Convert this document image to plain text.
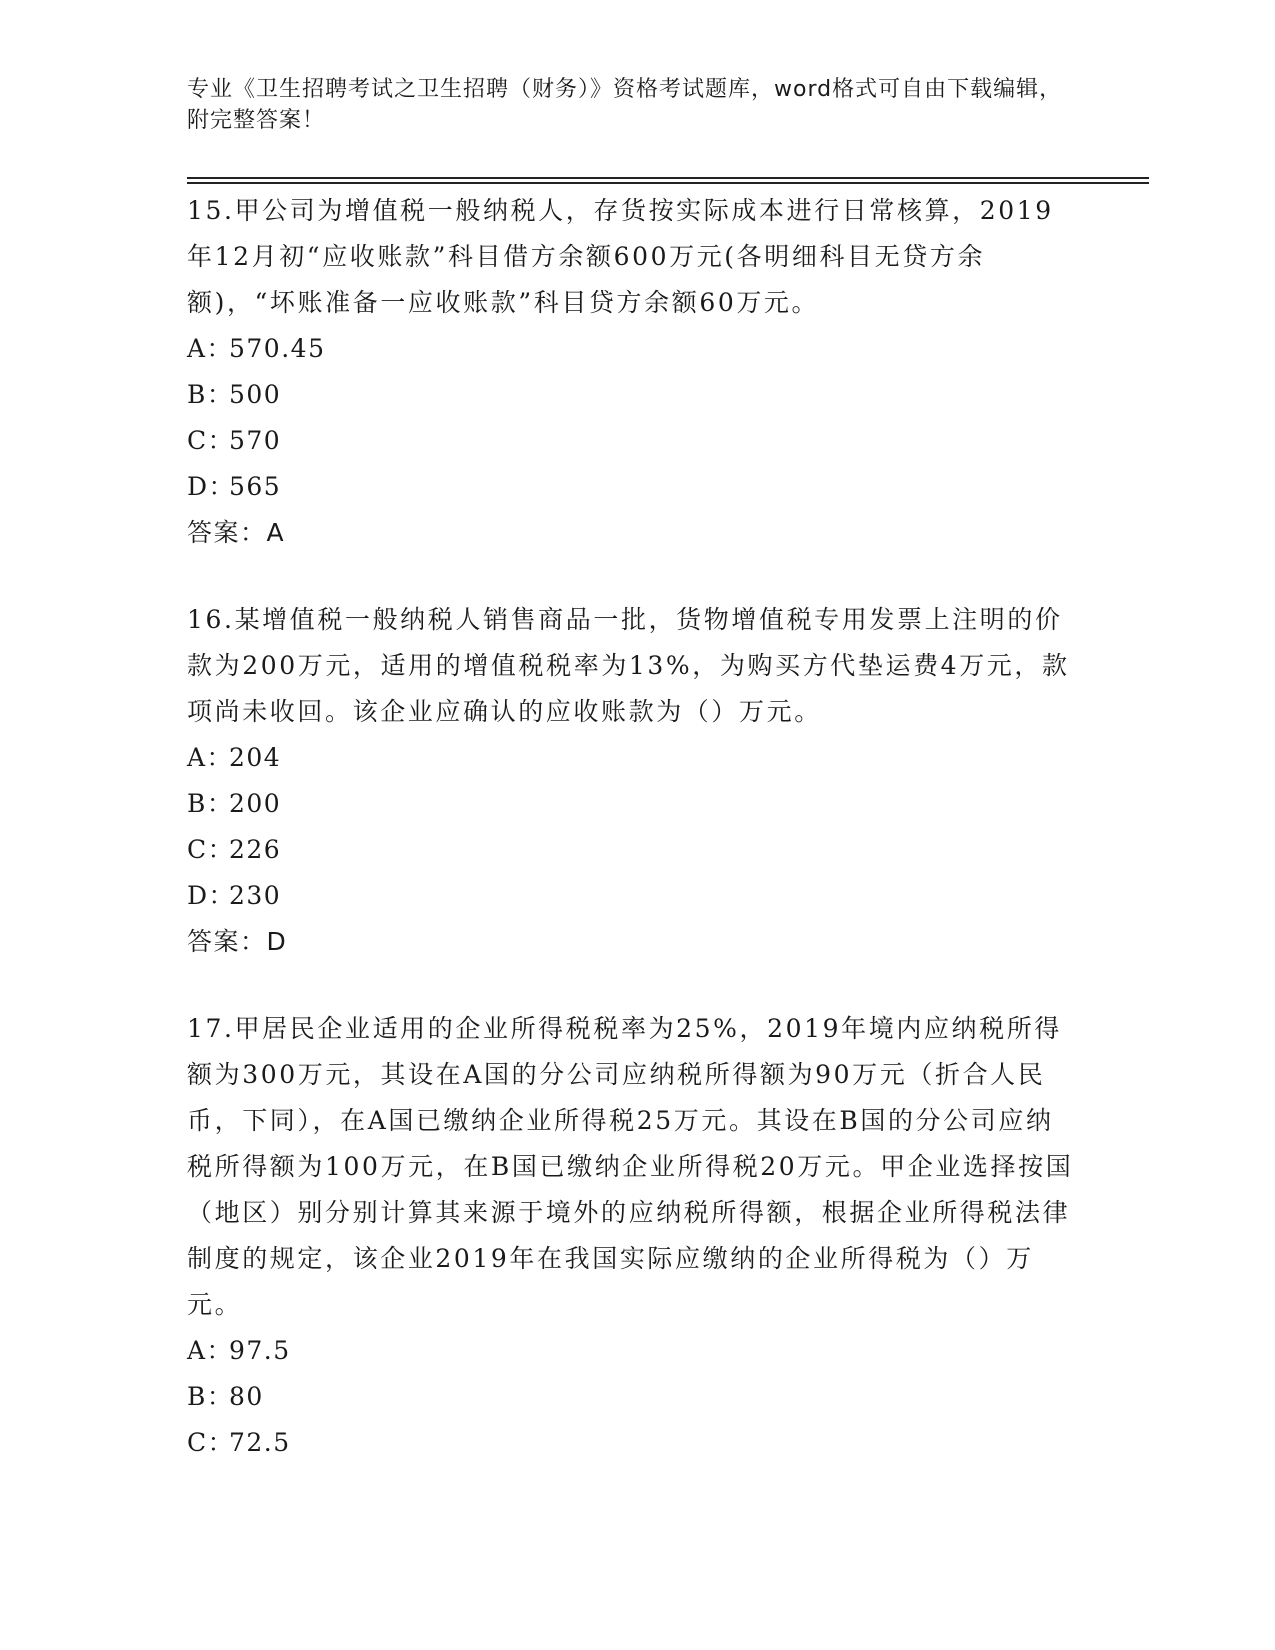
专业《卫生招聘考试之卫生招聘（财务）》资格考试题库，word格式可自由下载编辑，附完整答案！

15.甲公司为增值税一般纳税人，存货按实际成本进行日常核算，2019年12月初“应收账款”科目借方余额600万元(各明细科目无贷方余额)，“坏账准备一应收账款”科目贷方余额60万元。

A：570.45

B：500

C：570

D：565

答案：A

16.某增值税一般纳税人销售商品一批，货物增值税专用发票上注明的价款为200万元，适用的增值税税率为13%，为购买方代垫运费4万元，款项尚未收回。该企业应确认的应收账款为（）万元。

A：204

B：200

C：226

D：230

答案：D

17.甲居民企业适用的企业所得税税率为25%，2019年境内应纳税所得额为300万元，其设在A国的分公司应纳税所得额为90万元（折合人民币，下同），在A国已缴纳企业所得税25万元。其设在B国的分公司应纳税所得额为100万元，在B国已缴纳企业所得税20万元。甲企业选择按国（地区）别分别计算其来源于境外的应纳税所得额，根据企业所得税法律制度的规定，该企业2019年在我国实际应缴纳的企业所得税为（）万元。

A：97.5

B：80

C：72.5
